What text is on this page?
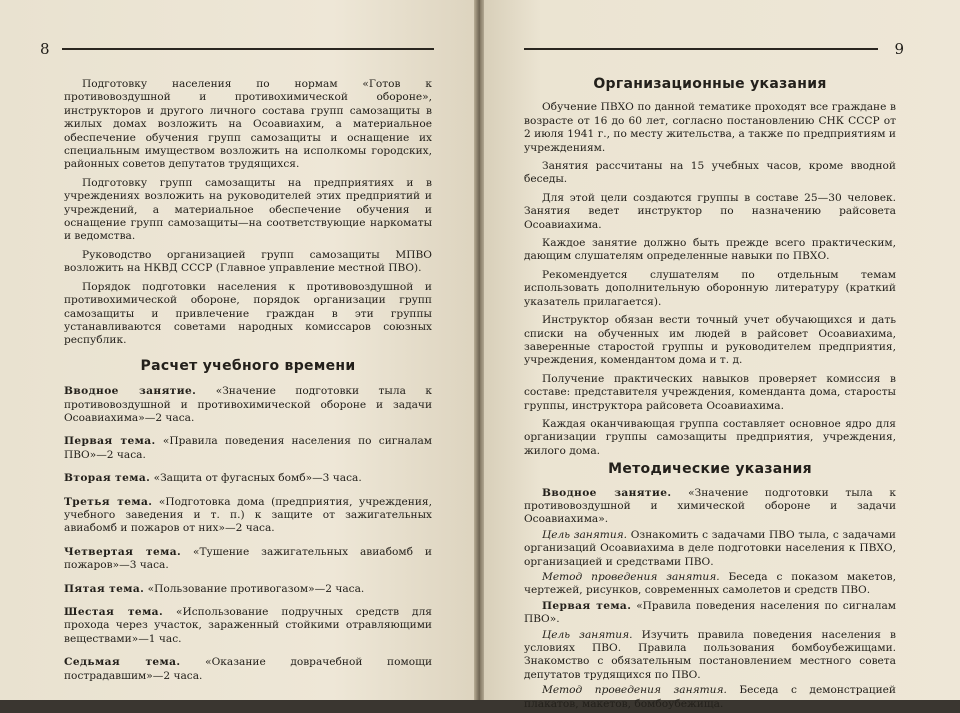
8

Подготовку населения по нормам «Готов к противовоздушной и противохимической обороне», инструкторов и другого личного состава групп самозащиты в жилых домах возложить на Осоавиахим, а материальное обеспечение обучения групп самозащиты и оснащение их специальным имуществом возложить на исполкомы городских, районных советов депутатов трудящихся.

Подготовку групп самозащиты на предприятиях и в учреждениях возложить на руководителей этих предприятий и учреждений, а материальное обеспечение обучения и оснащение групп самозащиты—на соответствующие наркоматы и ведомства.

Руководство организацией групп самозащиты МПВО возложить на НКВД СССР (Главное управление местной ПВО).

Порядок подготовки населения к противовоздушной и противохимической обороне, порядок организации групп самозащиты и привлечение граждан в эти группы устанавливаются советами народных комиссаров союзных республик.

Расчет учебного времени

Вводное занятие. «Значение подготовки тыла к противовоздушной и противохимической обороне и задачи Осоавиахима»—2 часа.

Первая тема. «Правила поведения населения по сигналам ПВО»—2 часа.

Вторая тема. «Защита от фугасных бомб»—3 часа.

Третья тема. «Подготовка дома (предприятия, учреждения, учебного заведения и т. п.) к защите от зажигательных авиабомб и пожаров от них»—2 часа.

Четвертая тема. «Тушение зажигательных авиабомб и пожаров»—3 часа.

Пятая тема. «Пользование противогазом»—2 часа.

Шестая тема. «Использование подручных средств для прохода через участок, зараженный стойкими отравляющими веществами»—1 час.

Седьмая тема. «Оказание доврачебной помощи пострадавшим»—2 часа.

9
Организационные указания

Обучение ПВХО по данной тематике проходят все граждане в возрасте от 16 до 60 лет, согласно постановлению СНК СССР от 2 июля 1941 г., по месту жительства, а также по предприятиям и учреждениям.

Занятия рассчитаны на 15 учебных часов, кроме вводной беседы.

Для этой цели создаются группы в составе 25—30 человек. Занятия ведет инструктор по назначению райсовета Осоавиахима.

Каждое занятие должно быть прежде всего практическим, дающим слушателям определенные навыки по ПВХО.

Рекомендуется слушателям по отдельным темам использовать дополнительную оборонную литературу (краткий указатель прилагается).

Инструктор обязан вести точный учет обучающихся и дать списки на обученных им людей в райсовет Осоавиахима, заверенные старостой группы и руководителем предприятия, учреждения, комендантом дома и т. д.

Получение практических навыков проверяет комиссия в составе: представителя учреждения, коменданта дома, старосты группы, инструктора райсовета Осоавиахима.

Каждая оканчивающая группа составляет основное ядро для организации группы самозащиты предприятия, учреждения, жилого дома.

Методические указания

Вводное занятие. «Значение подготовки тыла к противовоздушной и химической обороне и задачи Осоавиахима».

Цель занятия. Ознакомить с задачами ПВО тыла, с задачами организаций Осоавиахима в деле подготовки населения к ПВХО, организацией и средствами ПВО.

Метод проведения занятия. Беседа с показом макетов, чертежей, рисунков, современных самолетов и средств ПВО.

Первая тема. «Правила поведения населения по сигналам ПВО».

Цель занятия. Изучить правила поведения населения в условиях ПВО. Правила пользования бомбоубежищами. Знакомство с обязательным постановлением местного совета депутатов трудящихся по ПВО.

Метод проведения занятия. Беседа с демонстрацией плакатов, макетов, бомбоубежища.
